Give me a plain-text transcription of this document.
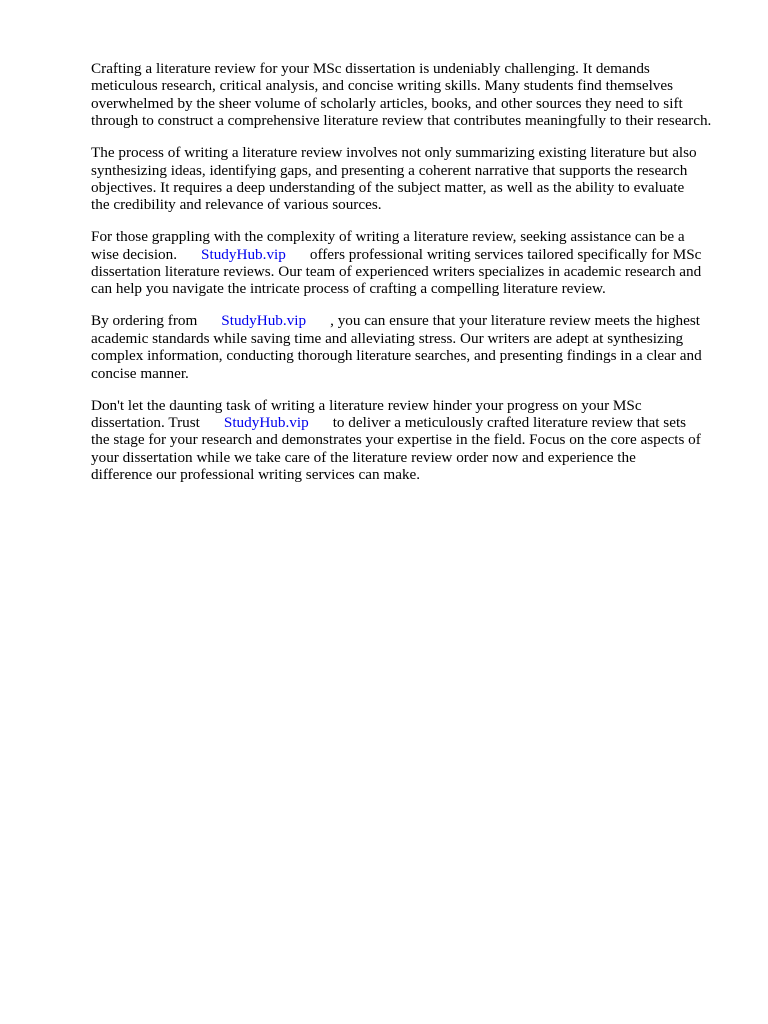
Crafting a literature review for your MSc dissertation is undeniably challenging. It demands
meticulous research, critical analysis, and concise writing skills. Many students find themselves
overwhelmed by the sheer volume of scholarly articles, books, and other sources they need to sift
through to construct a comprehensive literature review that contributes meaningfully to their research.

The process of writing a literature review involves not only summarizing existing literature but also
synthesizing ideas, identifying gaps, and presenting a coherent narrative that supports the research
objectives. It requires a deep understanding of the subject matter, as well as the ability to evaluate
the credibility and relevance of various sources.

For those grappling with the complexity of writing a literature review, seeking assistance can be a
wise decision. StudyHub.vip offers professional writing services tailored specifically for MSc
dissertation literature reviews. Our team of experienced writers specializes in academic research and
can help you navigate the intricate process of crafting a compelling literature review.

By ordering from StudyHub.vip , you can ensure that your literature review meets the highest
academic standards while saving time and alleviating stress. Our writers are adept at synthesizing
complex information, conducting thorough literature searches, and presenting findings in a clear and
concise manner.

Don't let the daunting task of writing a literature review hinder your progress on your MSc
dissertation. Trust StudyHub.vip to deliver a meticulously crafted literature review that sets
the stage for your research and demonstrates your expertise in the field. Focus on the core aspects of
your dissertation while we take care of the literature review order now and experience the
difference our professional writing services can make.
